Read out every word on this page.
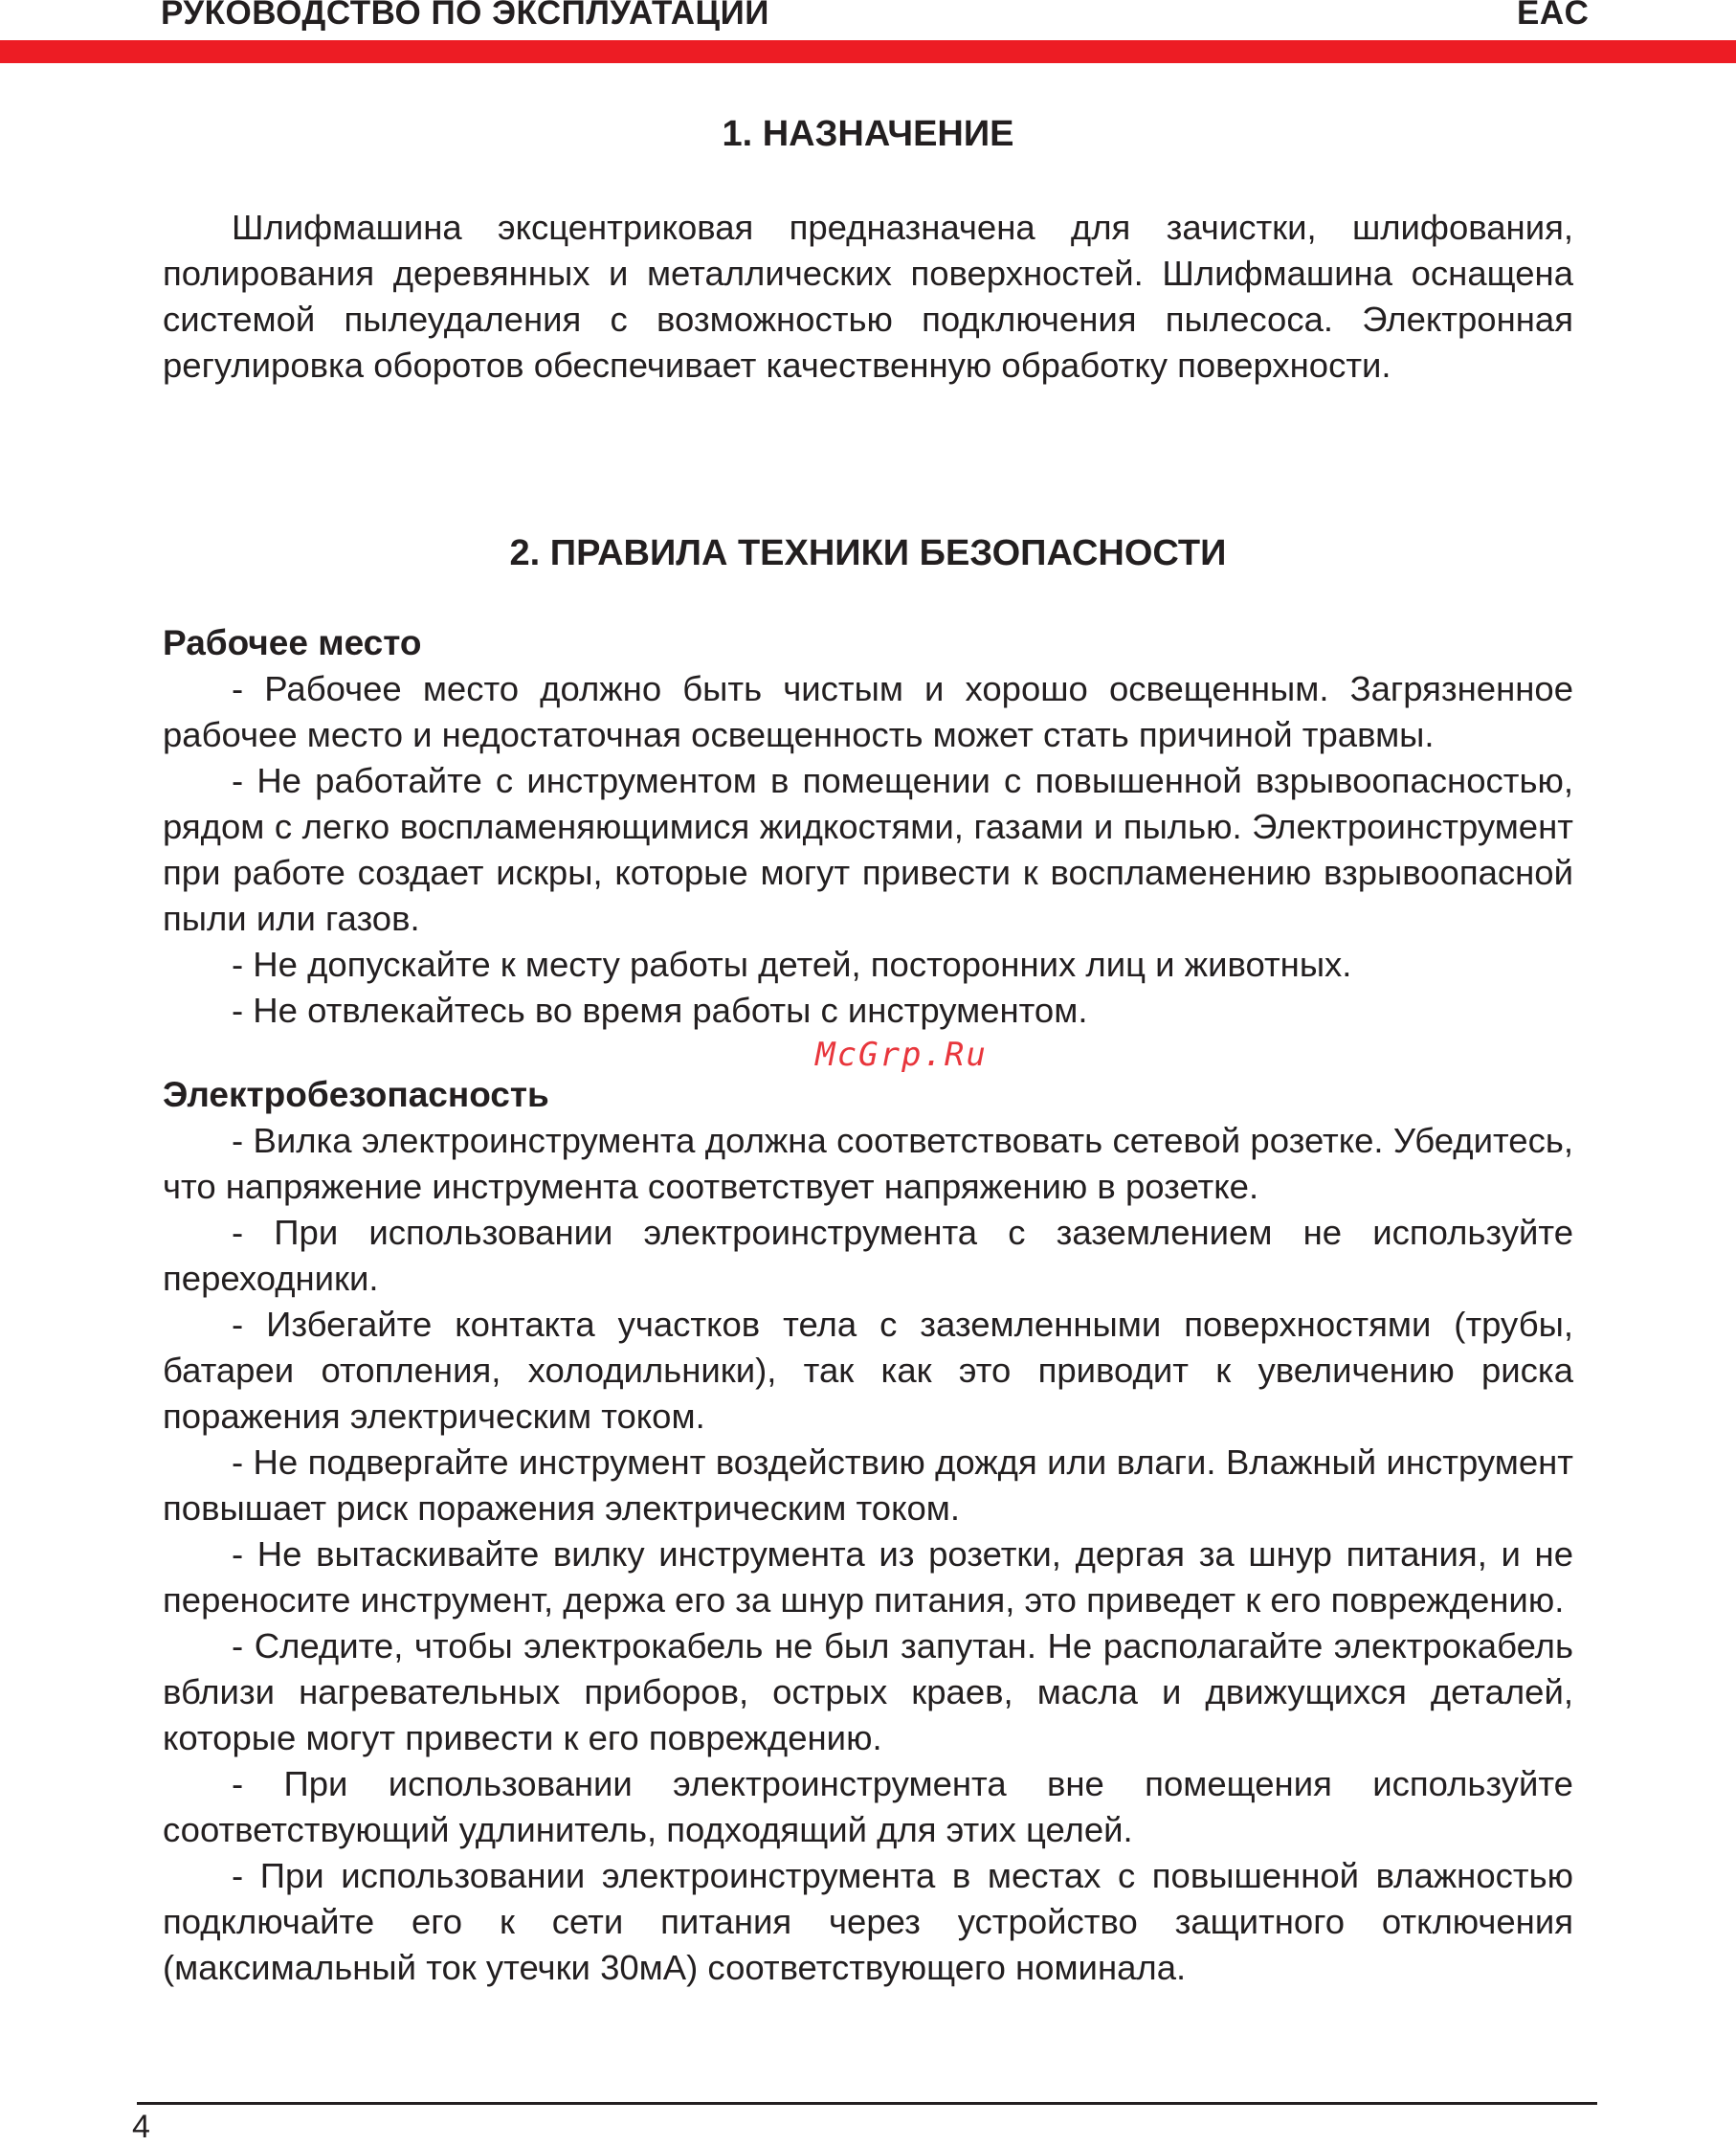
РУКОВОДСТВО ПО ЭКСПЛУАТАЦИИ	EAC
1. НАЗНАЧЕНИЕ

Шлифмашина эксцентриковая предназначена для зачистки, шлифования, полирования деревянных и металлических поверхностей. Шлифмашина оснащена системой пылеудаления с возможностью подключения пылесоса. Электронная регулировка оборотов обеспечивает качественную обработку поверхности.

2. ПРАВИЛА ТЕХНИКИ БЕЗОПАСНОСТИ
Рабочее место

- Рабочее место должно быть чистым и хорошо освещенным. Загрязненное рабочее место и недостаточная освещенность может стать причиной травмы.

- Не работайте с инструментом в помещении с повышенной взрывоопасностью, рядом с легко воспламеняющимися жидкостями, газами и пылью. Электроинструмент при работе создает искры, которые могут привести к воспламенению взрывоопасной пыли или газов.

- Не допускайте к месту работы детей, посторонних лиц и животных.

- Не отвлекайтесь во время работы с инструментом.

McGrp.Ru
Электробезопасность

- Вилка электроинструмента должна соответствовать сетевой розетке. Убедитесь, что напряжение инструмента соответствует напряжению в розетке.

- При использовании электроинструмента с заземлением не используйте переходники.

- Избегайте контакта участков тела с заземленными поверхностями (трубы, батареи отопления, холодильники), так как это приводит к увеличению риска поражения электрическим током.

- Не подвергайте инструмент воздействию дождя или влаги. Влажный инструмент повышает риск поражения электрическим током.

- Не вытаскивайте вилку инструмента из розетки, дергая за шнур питания, и не переносите инструмент, держа его за шнур питания, это приведет к его повреждению.

- Следите, чтобы электрокабель не был запутан. Не располагайте электрокабель вблизи нагревательных приборов, острых краев, масла и движущихся деталей, которые могут привести к его повреждению.

- При использовании электроинструмента вне помещения используйте соответствующий удлинитель, подходящий для этих целей.

- При использовании электроинструмента в местах с повышенной влажностью подключайте его к сети питания через устройство защитного отключения (максимальный ток утечки 30мА) соответствующего номинала.

4
